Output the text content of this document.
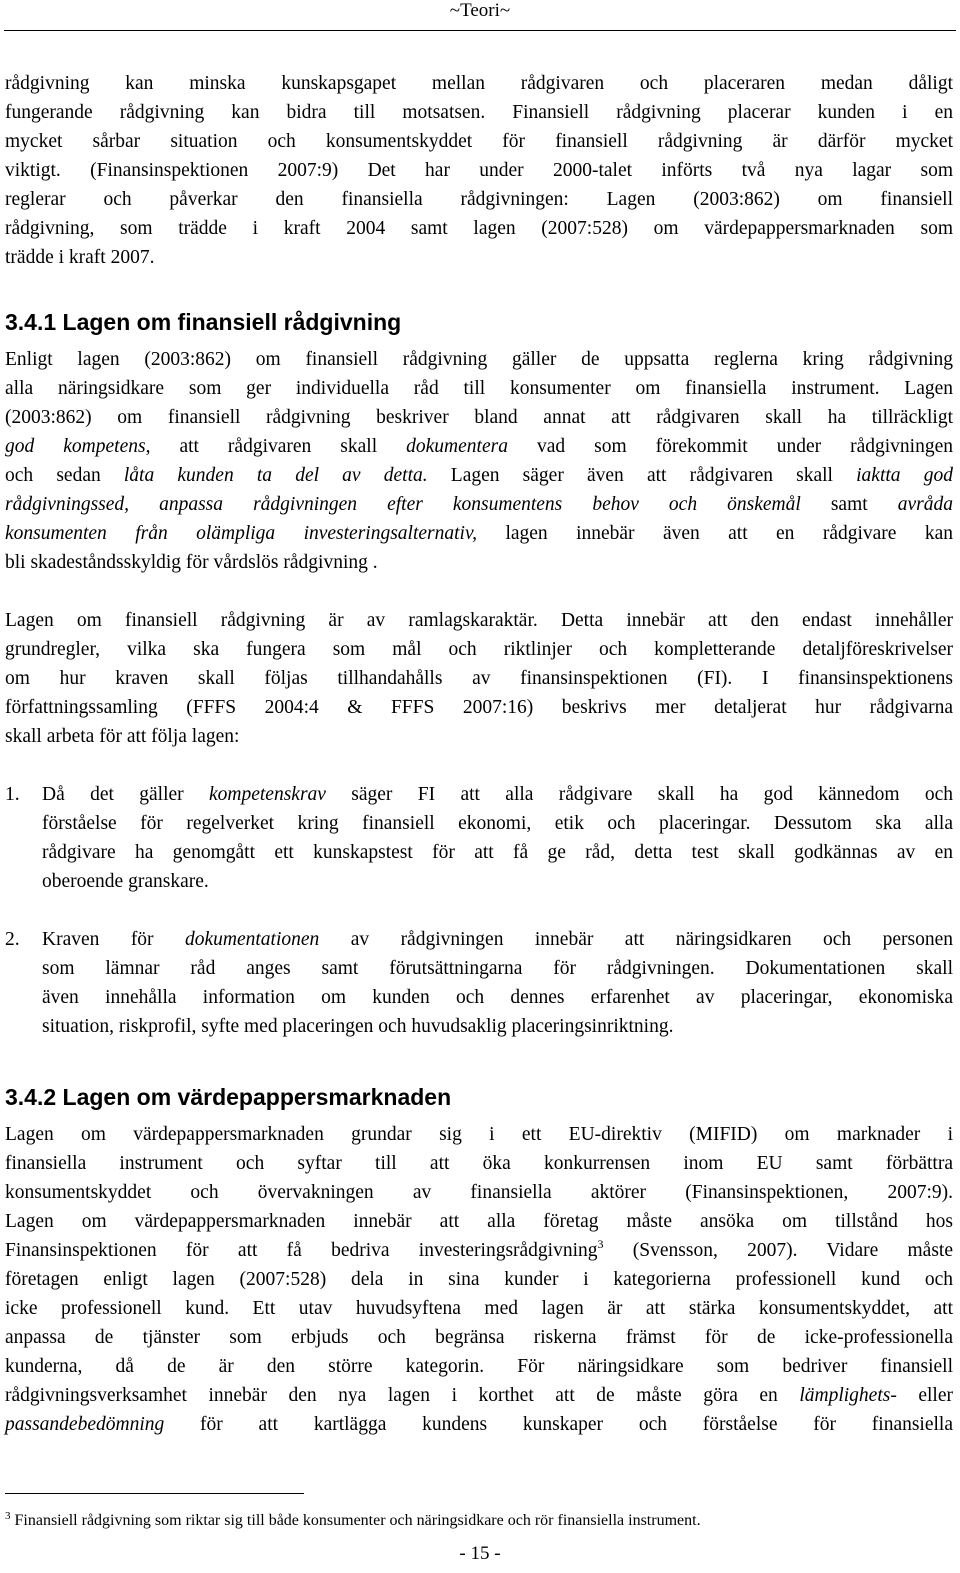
~Teori~

rådgivning kan minska kunskapsgapet mellan rådgivaren och placeraren medan dåligt
fungerande rådgivning kan bidra till motsatsen. Finansiell rådgivning placerar kunden i en
mycket sårbar situation och konsumentskyddet för finansiell rådgivning är därför mycket
viktigt. (Finansinspektionen 2007:9) Det har under 2000-talet införts två nya lagar som
reglerar och påverkar den finansiella rådgivningen: Lagen (2003:862) om finansiell
rådgivning, som trädde i kraft 2004 samt lagen (2007:528) om värdepappersmarknaden som
trädde i kraft 2007.

3.4.1 Lagen om finansiell rådgivning

Enligt lagen (2003:862) om finansiell rådgivning gäller de uppsatta reglerna kring rådgivning
alla näringsidkare som ger individuella råd till konsumenter om finansiella instrument. Lagen
(2003:862) om finansiell rådgivning beskriver bland annat att rådgivaren skall ha tillräckligt
god kompetens, att rådgivaren skall dokumentera vad som förekommit under rådgivningen
och sedan låta kunden ta del av detta. Lagen säger även att rådgivaren skall iaktta god
rådgivningssed, anpassa rådgivningen efter konsumentens behov och önskemål samt avråda
konsumenten från olämpliga investeringsalternativ, lagen innebär även att en rådgivare kan
bli skadeståndsskyldig för vårdslös rådgivning .

Lagen om finansiell rådgivning är av ramlagskaraktär. Detta innebär att den endast innehåller
grundregler, vilka ska fungera som mål och riktlinjer och kompletterande detaljföreskrivelser
om hur kraven skall följas tillhandahålls av finansinspektionen (FI). I finansinspektionens
författningssamling (FFFS 2004:4 & FFFS 2007:16) beskrivs mer detaljerat hur rådgivarna
skall arbeta för att följa lagen:

1. Då det gäller kompetenskrav säger FI att alla rådgivare skall ha god kännedom och
förståelse för regelverket kring finansiell ekonomi, etik och placeringar. Dessutom ska alla
rådgivare ha genomgått ett kunskapstest för att få ge råd, detta test skall godkännas av en
oberoende granskare.

2. Kraven för dokumentationen av rådgivningen innebär att näringsidkaren och personen
som lämnar råd anges samt förutsättningarna för rådgivningen. Dokumentationen skall
även innehålla information om kunden och dennes erfarenhet av placeringar, ekonomiska
situation, riskprofil, syfte med placeringen och huvudsaklig placeringsinriktning.

3.4.2 Lagen om värdepappersmarknaden

Lagen om värdepappersmarknaden grundar sig i ett EU-direktiv (MIFID) om marknader i
finansiella instrument och syftar till att öka konkurrensen inom EU samt förbättra
konsumentskyddet och övervakningen av finansiella aktörer (Finansinspektionen, 2007:9).
Lagen om värdepappersmarknaden innebär att alla företag måste ansöka om tillstånd hos
Finansinspektionen för att få bedriva investeringsrådgivning$^3$ (Svensson, 2007). Vidare måste
företagen enligt lagen (2007:528) dela in sina kunder i kategorierna professionell kund och
icke professionell kund. Ett utav huvudsyftena med lagen är att stärka konsumentskyddet, att
anpassa de tjänster som erbjuds och begränsa riskerna främst för de icke-professionella
kunderna, då de är den större kategorin. För näringsidkare som bedriver finansiell
rådgivningsverksamhet innebär den nya lagen i korthet att de måste göra en lämplighets- eller
passandebedömning för att kartlägga kundens kunskaper och förståelse för finansiella

$^3$ Finansiell rådgivning som riktar sig till både konsumenter och näringsidkare och rör finansiella instrument.
- 15 -
